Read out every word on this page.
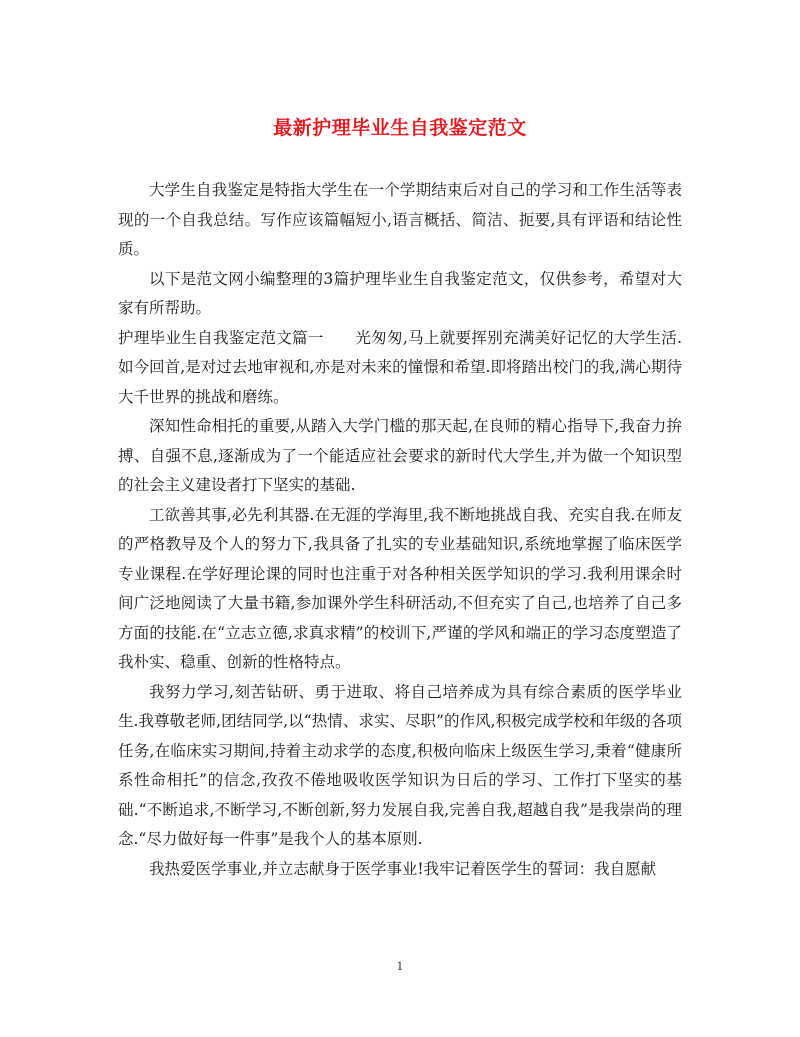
最新护理毕业生自我鉴定范文

大学生自我鉴定是特指大学生在一个学期结束后对自己的学习和工作生活等表现的一个自我总结。写作应该篇幅短小,语言概括、简洁、扼要,具有评语和结论性质。

以下是范文网小编整理的3篇护理毕业生自我鉴定范文，仅供参考，希望对大家有所帮助。

护理毕业生自我鉴定范文篇一　　光匆匆,马上就要挥别充满美好记忆的大学生活.如今回首,是对过去地审视和,亦是对未来的憧憬和希望.即将踏出校门的我,满心期待大千世界的挑战和磨练。

深知性命相托的重要,从踏入大学门槛的那天起,在良师的精心指导下,我奋力拚搏、自强不息,逐渐成为了一个能适应社会要求的新时代大学生,并为做一个知识型的社会主义建设者打下坚实的基础.

工欲善其事,必先利其器.在无涯的学海里,我不断地挑战自我、充实自我.在师友的严格教导及个人的努力下,我具备了扎实的专业基础知识,系统地掌握了临床医学专业课程.在学好理论课的同时也注重于对各种相关医学知识的学习.我利用课余时间广泛地阅读了大量书籍,参加课外学生科研活动,不但充实了自己,也培养了自己多方面的技能.在“立志立德,求真求精”的校训下,严谨的学风和端正的学习态度塑造了我朴实、稳重、创新的性格特点。

我努力学习,刻苦钻研、勇于进取、将自己培养成为具有综合素质的医学毕业生.我尊敬老师,团结同学,以“热情、求实、尽职”的作风,积极完成学校和年级的各项任务,在临床实习期间,持着主动求学的态度,积极向临床上级医生学习,秉着“健康所系性命相托”的信念,孜孜不倦地吸收医学知识为日后的学习、工作打下坚实的基础.“不断追求,不断学习,不断创新,努力发展自我,完善自我,超越自我”是我崇尚的理念.“尽力做好每一件事”是我个人的基本原则.

我热爱医学事业,并立志献身于医学事业!我牢记着医学生的誓词：我自愿献

1
